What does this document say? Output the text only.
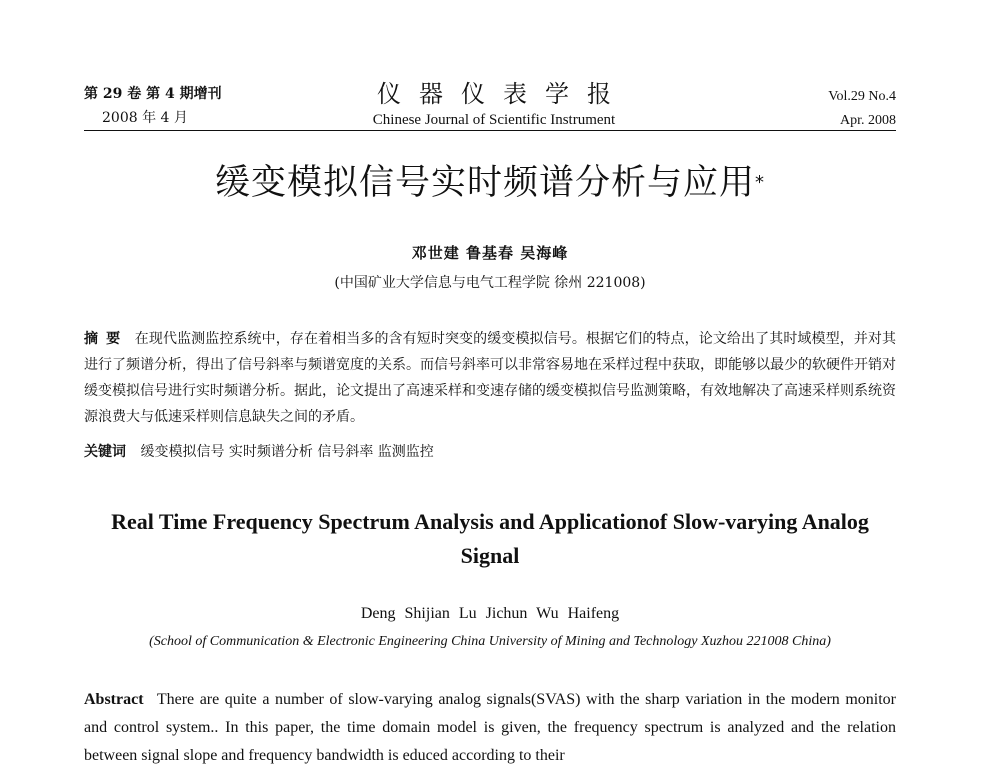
第 29 卷 第 4 期增刊
2008 年 4 月
仪器仪表学报
Chinese Journal of Scientific Instrument
Vol.29 No.4
Apr. 2008
缓变模拟信号实时频谱分析与应用*
邓世建 鲁基春 吴海峰
(中国矿业大学信息与电气工程学院 徐州 221008)
摘要 在现代监测监控系统中，存在着相当多的含有短时突变的缓变模拟信号。根据它们的特点，论文给出了其时域模型，并对其进行了频谱分析，得出了信号斜率与频谱宽度的关系。而信号斜率可以非常容易地在采样过程中获取，即能够以最少的软硬件开销对缓变模拟信号进行实时频谱分析。据此，论文提出了高速采样和变速存储的缓变模拟信号监测策略，有效地解决了高速采样则系统资源浪费大与低速采样则信息缺失之间的矛盾。
关键词 缓变模拟信号 实时频谱分析 信号斜率 监测监控
Real Time Frequency Spectrum Analysis and Applicationof Slow-varying Analog Signal
Deng Shijian Lu Jichun Wu Haifeng
(School of Communication & Electronic Engineering China University of Mining and Technology Xuzhou 221008 China)
Abstract There are quite a number of slow-varying analog signals(SVAS) with the sharp variation in the modern monitor and control system.. In this paper, the time domain model is given, the frequency spectrum is analyzed and the relation between signal slope and frequency bandwidth is educed according to their
